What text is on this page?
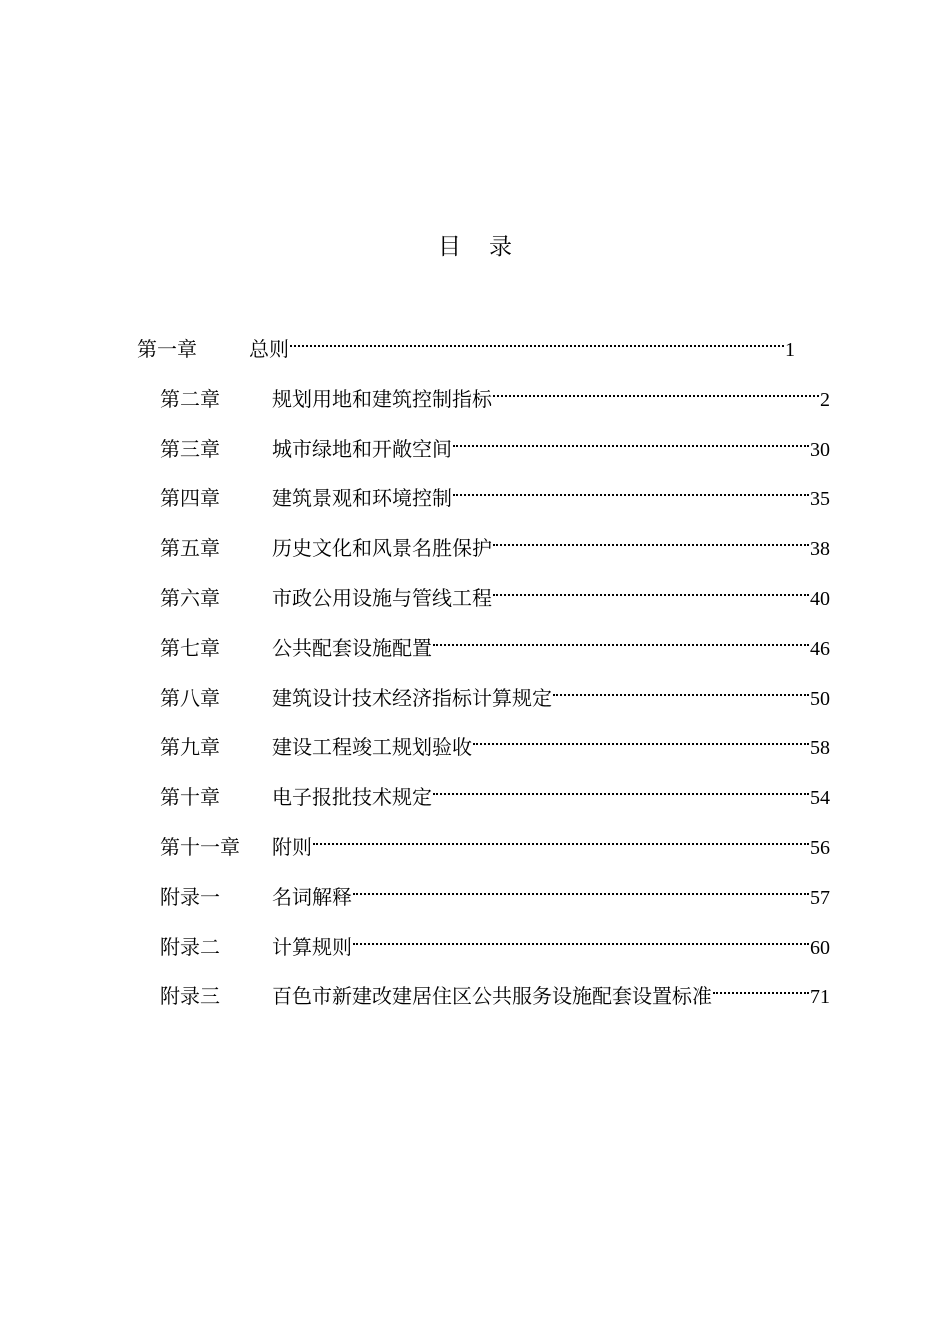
目 录
第一章	总则	1
第二章	规划用地和建筑控制指标	2
第三章	城市绿地和开敞空间	30
第四章	建筑景观和环境控制	35
第五章	历史文化和风景名胜保护	38
第六章	市政公用设施与管线工程	40
第七章	公共配套设施配置	46
第八章	建筑设计技术经济指标计算规定	50
第九章	建设工程竣工规划验收	58
第十章	电子报批技术规定	54
第十一章	附则	56
附录一	名词解释	57
附录二	计算规则	60
附录三	百色市新建改建居住区公共服务设施配套设置标准	71
